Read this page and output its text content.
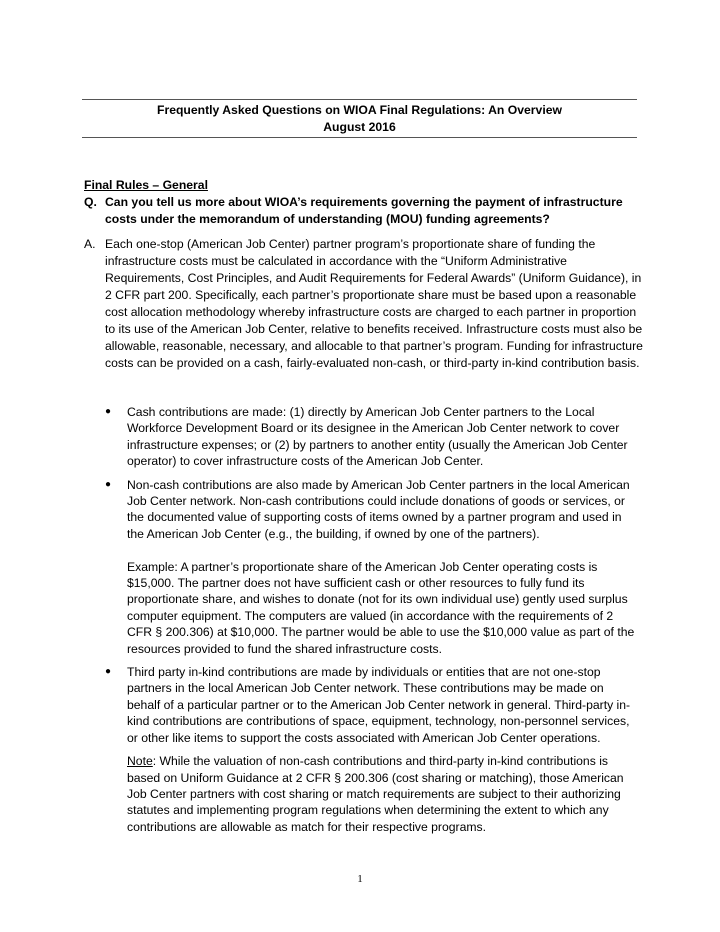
Frequently Asked Questions on WIOA Final Regulations: An Overview
August 2016
Final Rules – General
Q. Can you tell us more about WIOA’s requirements governing the payment of infrastructure costs under the memorandum of understanding (MOU) funding agreements?
A. Each one-stop (American Job Center) partner program’s proportionate share of funding the infrastructure costs must be calculated in accordance with the “Uniform Administrative Requirements, Cost Principles, and Audit Requirements for Federal Awards” (Uniform Guidance), in 2 CFR part 200. Specifically, each partner’s proportionate share must be based upon a reasonable cost allocation methodology whereby infrastructure costs are charged to each partner in proportion to its use of the American Job Center, relative to benefits received. Infrastructure costs must also be allowable, reasonable, necessary, and allocable to that partner’s program. Funding for infrastructure costs can be provided on a cash, fairly-evaluated non-cash, or third-party in-kind contribution basis.
● Cash contributions are made: (1) directly by American Job Center partners to the Local Workforce Development Board or its designee in the American Job Center network to cover infrastructure expenses; or (2) by partners to another entity (usually the American Job Center operator) to cover infrastructure costs of the American Job Center.
● Non-cash contributions are also made by American Job Center partners in the local American Job Center network. Non-cash contributions could include donations of goods or services, or the documented value of supporting costs of items owned by a partner program and used in the American Job Center (e.g., the building, if owned by one of the partners).
Example: A partner’s proportionate share of the American Job Center operating costs is $15,000. The partner does not have sufficient cash or other resources to fully fund its proportionate share, and wishes to donate (not for its own individual use) gently used surplus computer equipment. The computers are valued (in accordance with the requirements of 2 CFR § 200.306) at $10,000. The partner would be able to use the $10,000 value as part of the resources provided to fund the shared infrastructure costs.
● Third party in-kind contributions are made by individuals or entities that are not one-stop partners in the local American Job Center network. These contributions may be made on behalf of a particular partner or to the American Job Center network in general. Third-party in-kind contributions are contributions of space, equipment, technology, non-personnel services, or other like items to support the costs associated with American Job Center operations.
Note: While the valuation of non-cash contributions and third-party in-kind contributions is based on Uniform Guidance at 2 CFR § 200.306 (cost sharing or matching), those American Job Center partners with cost sharing or match requirements are subject to their authorizing statutes and implementing program regulations when determining the extent to which any contributions are allowable as match for their respective programs.
1
